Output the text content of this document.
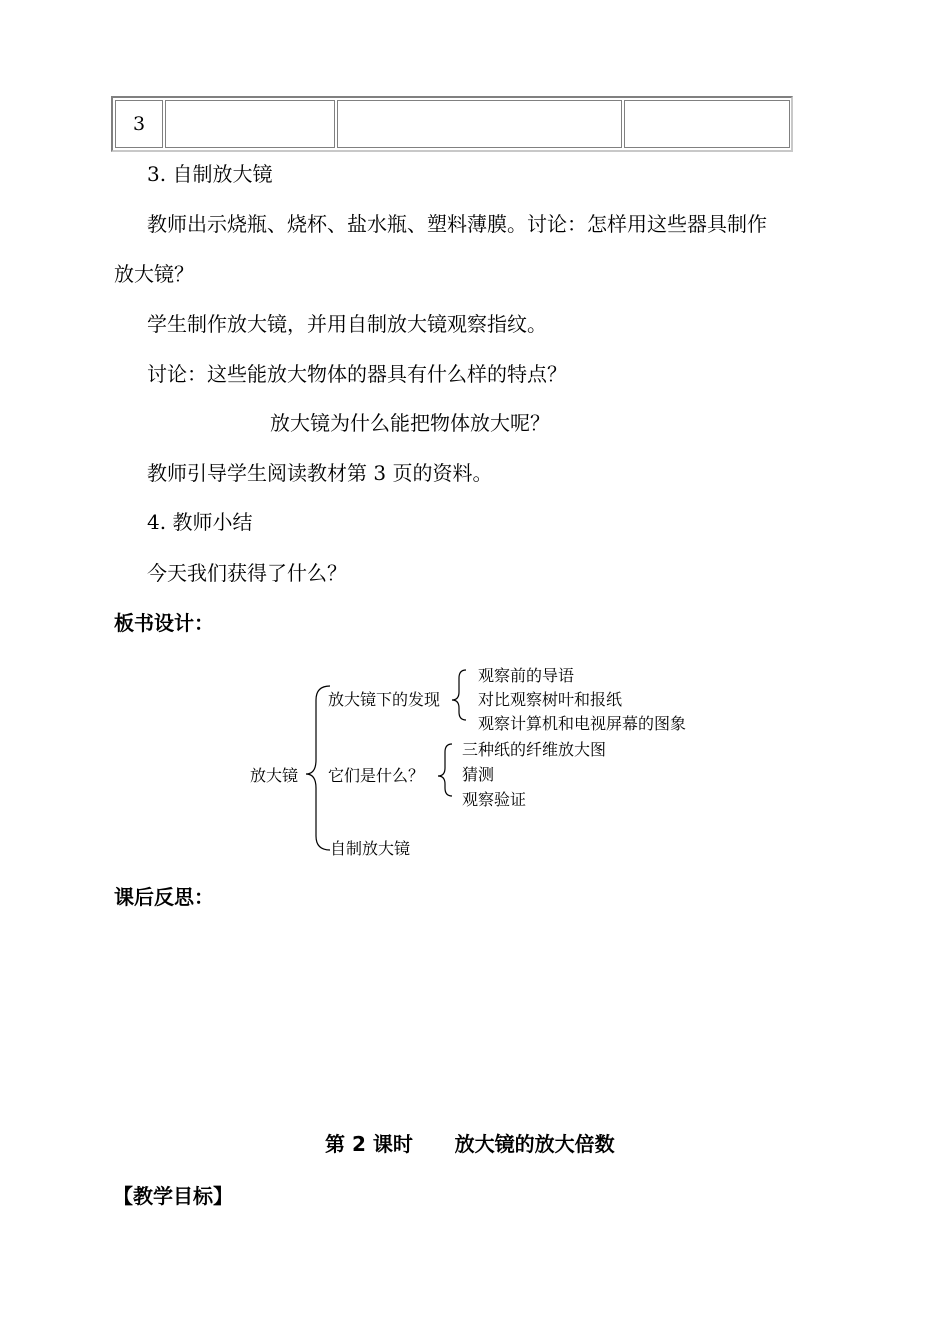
3
3. 自制放大镜
教师出示烧瓶、烧杯、盐水瓶、塑料薄膜。讨论：怎样用这些器具制作
放大镜？
学生制作放大镜，并用自制放大镜观察指纹。
讨论：这些能放大物体的器具有什么样的特点？
放大镜为什么能把物体放大呢？
教师引导学生阅读教材第 3 页的资料。
4. 教师小结
今天我们获得了什么？
板书设计：
放大镜
放大镜下的发现
观察前的导语
对比观察树叶和报纸
观察计算机和电视屏幕的图象
它们是什么？
三种纸的纤维放大图
猜测
观察验证
自制放大镜
课后反思：
第 2 课时      放大镜的放大倍数
【教学目标】
